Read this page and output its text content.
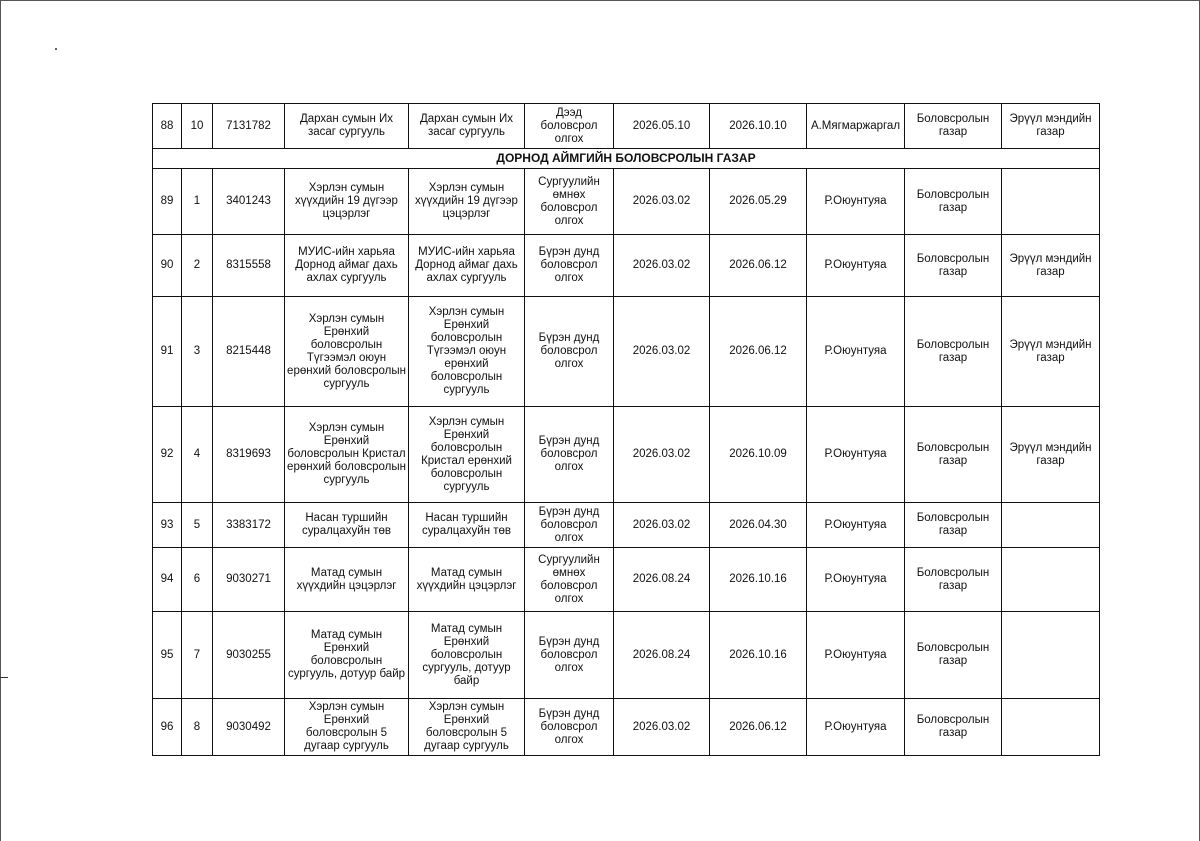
88	10	7131782	Дархан сумын Их засаг сургууль	Дархан сумын Их засаг сургууль	Дээд боловсрол олгох	2026.05.10	2026.10.10	А.Мягмаржаргал	Боловсролын газар	Эрүүл мэндийн газар
ДОРНОД АЙМГИЙН БОЛОВСРОЛЫН ГАЗАР										
89	1	3401243	Хэрлэн сумын хүүхдийн 19 дүгээр цэцэрлэг	Хэрлэн сумын хүүхдийн 19 дүгээр цэцэрлэг	Сургуулийн өмнөх боловсрол олгох	2026.03.02	2026.05.29	Р.Оюунтуяа	Боловсролын газар	
90	2	8315558	МУИС-ийн харьяа Дорнод аймаг дахь ахлах сургууль	МУИС-ийн харьяа Дорнод аймаг дахь ахлах сургууль	Бүрэн дунд боловсрол олгох	2026.03.02	2026.06.12	Р.Оюунтуяа	Боловсролын газар	Эрүүл мэндийн газар
91	3	8215448	Хэрлэн сумын Ерөнхий боловсролын Түгээмэл оюун ерөнхий боловсролын сургууль	Хэрлэн сумын Ерөнхий боловсролын Түгээмэл оюун ерөнхий боловсролын сургууль	Бүрэн дунд боловсрол олгох	2026.03.02	2026.06.12	Р.Оюунтуяа	Боловсролын газар	Эрүүл мэндийн газар
92	4	8319693	Хэрлэн сумын Ерөнхий боловсролын Кристал ерөнхий боловсролын сургууль	Хэрлэн сумын Ерөнхий боловсролын Кристал ерөнхий боловсролын сургууль	Бүрэн дунд боловсрол олгох	2026.03.02	2026.10.09	Р.Оюунтуяа	Боловсролын газар	Эрүүл мэндийн газар
93	5	3383172	Насан туршийн суралцахуйн төв	Насан туршийн суралцахуйн төв	Бүрэн дунд боловсрол олгох	2026.03.02	2026.04.30	Р.Оюунтуяа	Боловсролын газар	
94	6	9030271	Матад сумын хүүхдийн цэцэрлэг	Матад сумын хүүхдийн цэцэрлэг	Сургуулийн өмнөх боловсрол олгох	2026.08.24	2026.10.16	Р.Оюунтуяа	Боловсролын газар	
95	7	9030255	Матад сумын Ерөнхий боловсролын сургууль, дотуур байр	Матад сумын Ерөнхий боловсролын сургууль, дотуур байр	Бүрэн дунд боловсрол олгох	2026.08.24	2026.10.16	Р.Оюунтуяа	Боловсролын газар	
96	8	9030492	Хэрлэн сумын Ерөнхий боловсролын 5 дугаар сургууль	Хэрлэн сумын Ерөнхий боловсролын 5 дугаар сургууль	Бүрэн дунд боловсрол олгох	2026.03.02	2026.06.12	Р.Оюунтуяа	Боловсролын газар	
